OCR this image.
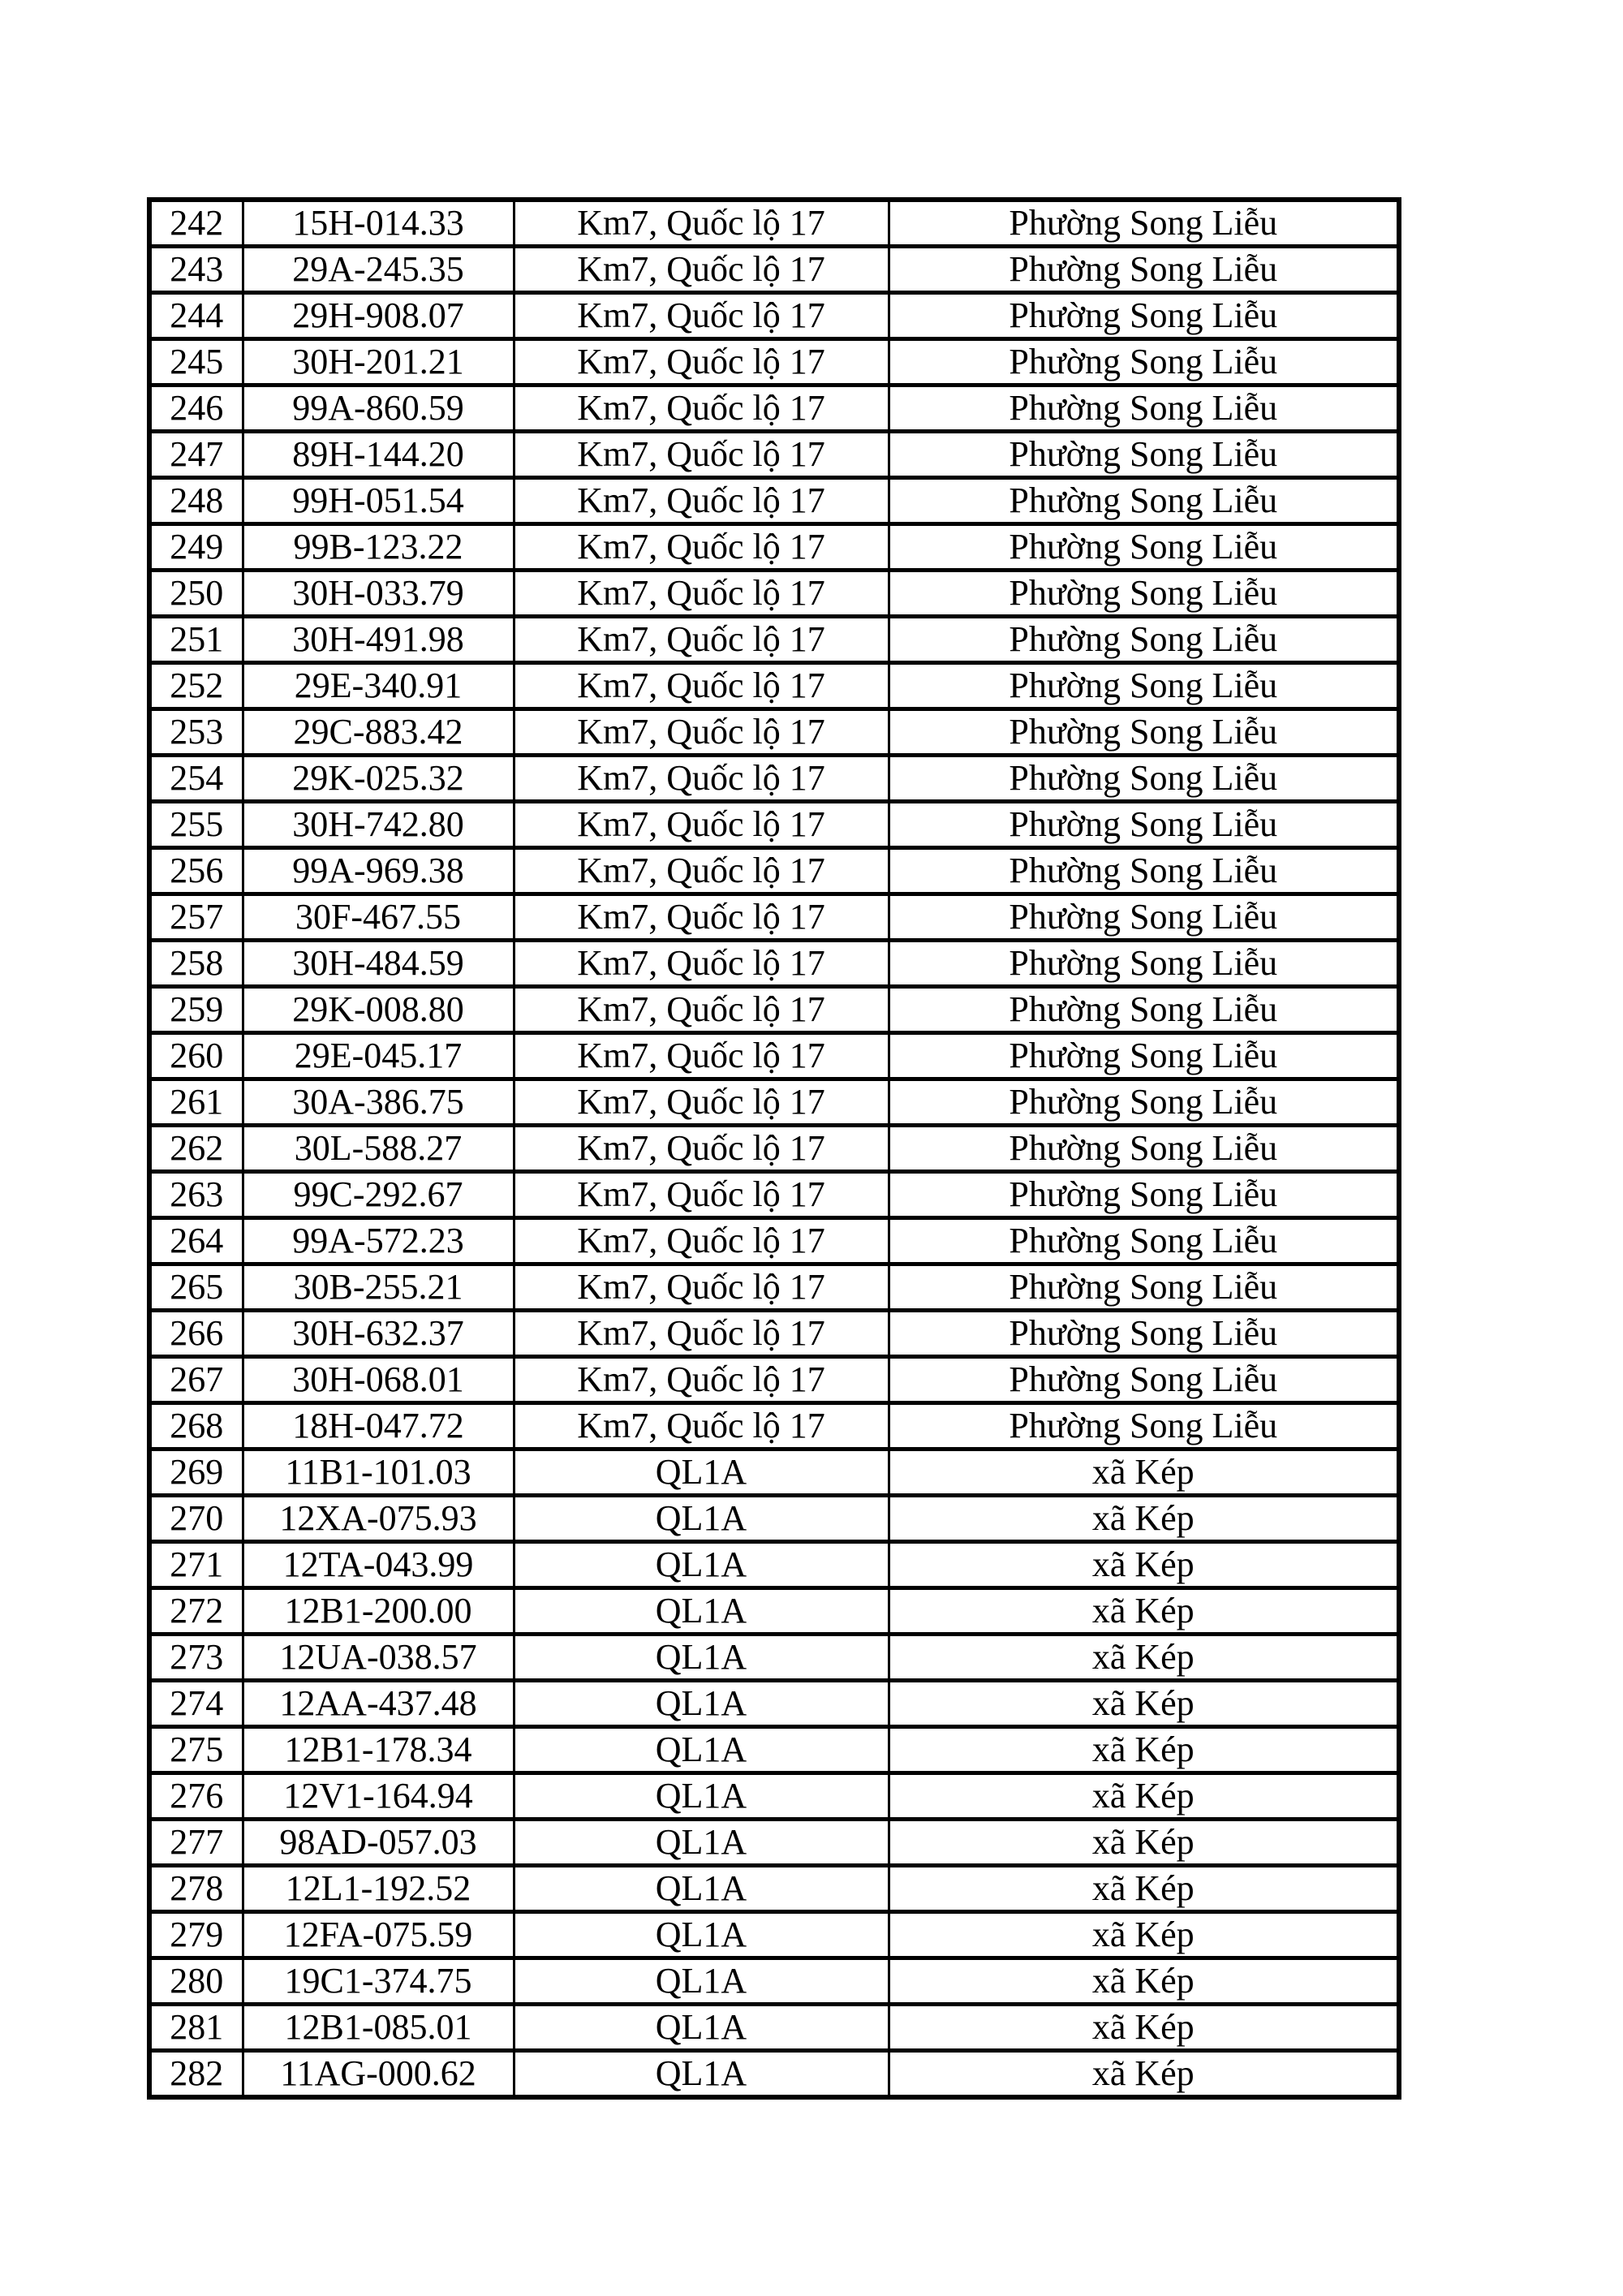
242	15H-014.33	Km7, Quốc lộ 17	Phường Song Liễu
243	29A-245.35	Km7, Quốc lộ 17	Phường Song Liễu
244	29H-908.07	Km7, Quốc lộ 17	Phường Song Liễu
245	30H-201.21	Km7, Quốc lộ 17	Phường Song Liễu
246	99A-860.59	Km7, Quốc lộ 17	Phường Song Liễu
247	89H-144.20	Km7, Quốc lộ 17	Phường Song Liễu
248	99H-051.54	Km7, Quốc lộ 17	Phường Song Liễu
249	99B-123.22	Km7, Quốc lộ 17	Phường Song Liễu
250	30H-033.79	Km7, Quốc lộ 17	Phường Song Liễu
251	30H-491.98	Km7, Quốc lộ 17	Phường Song Liễu
252	29E-340.91	Km7, Quốc lộ 17	Phường Song Liễu
253	29C-883.42	Km7, Quốc lộ 17	Phường Song Liễu
254	29K-025.32	Km7, Quốc lộ 17	Phường Song Liễu
255	30H-742.80	Km7, Quốc lộ 17	Phường Song Liễu
256	99A-969.38	Km7, Quốc lộ 17	Phường Song Liễu
257	30F-467.55	Km7, Quốc lộ 17	Phường Song Liễu
258	30H-484.59	Km7, Quốc lộ 17	Phường Song Liễu
259	29K-008.80	Km7, Quốc lộ 17	Phường Song Liễu
260	29E-045.17	Km7, Quốc lộ 17	Phường Song Liễu
261	30A-386.75	Km7, Quốc lộ 17	Phường Song Liễu
262	30L-588.27	Km7, Quốc lộ 17	Phường Song Liễu
263	99C-292.67	Km7, Quốc lộ 17	Phường Song Liễu
264	99A-572.23	Km7, Quốc lộ 17	Phường Song Liễu
265	30B-255.21	Km7, Quốc lộ 17	Phường Song Liễu
266	30H-632.37	Km7, Quốc lộ 17	Phường Song Liễu
267	30H-068.01	Km7, Quốc lộ 17	Phường Song Liễu
268	18H-047.72	Km7, Quốc lộ 17	Phường Song Liễu
269	11B1-101.03	QL1A	xã Kép
270	12XA-075.93	QL1A	xã Kép
271	12TA-043.99	QL1A	xã Kép
272	12B1-200.00	QL1A	xã Kép
273	12UA-038.57	QL1A	xã Kép
274	12AA-437.48	QL1A	xã Kép
275	12B1-178.34	QL1A	xã Kép
276	12V1-164.94	QL1A	xã Kép
277	98AD-057.03	QL1A	xã Kép
278	12L1-192.52	QL1A	xã Kép
279	12FA-075.59	QL1A	xã Kép
280	19C1-374.75	QL1A	xã Kép
281	12B1-085.01	QL1A	xã Kép
282	11AG-000.62	QL1A	xã Kép
